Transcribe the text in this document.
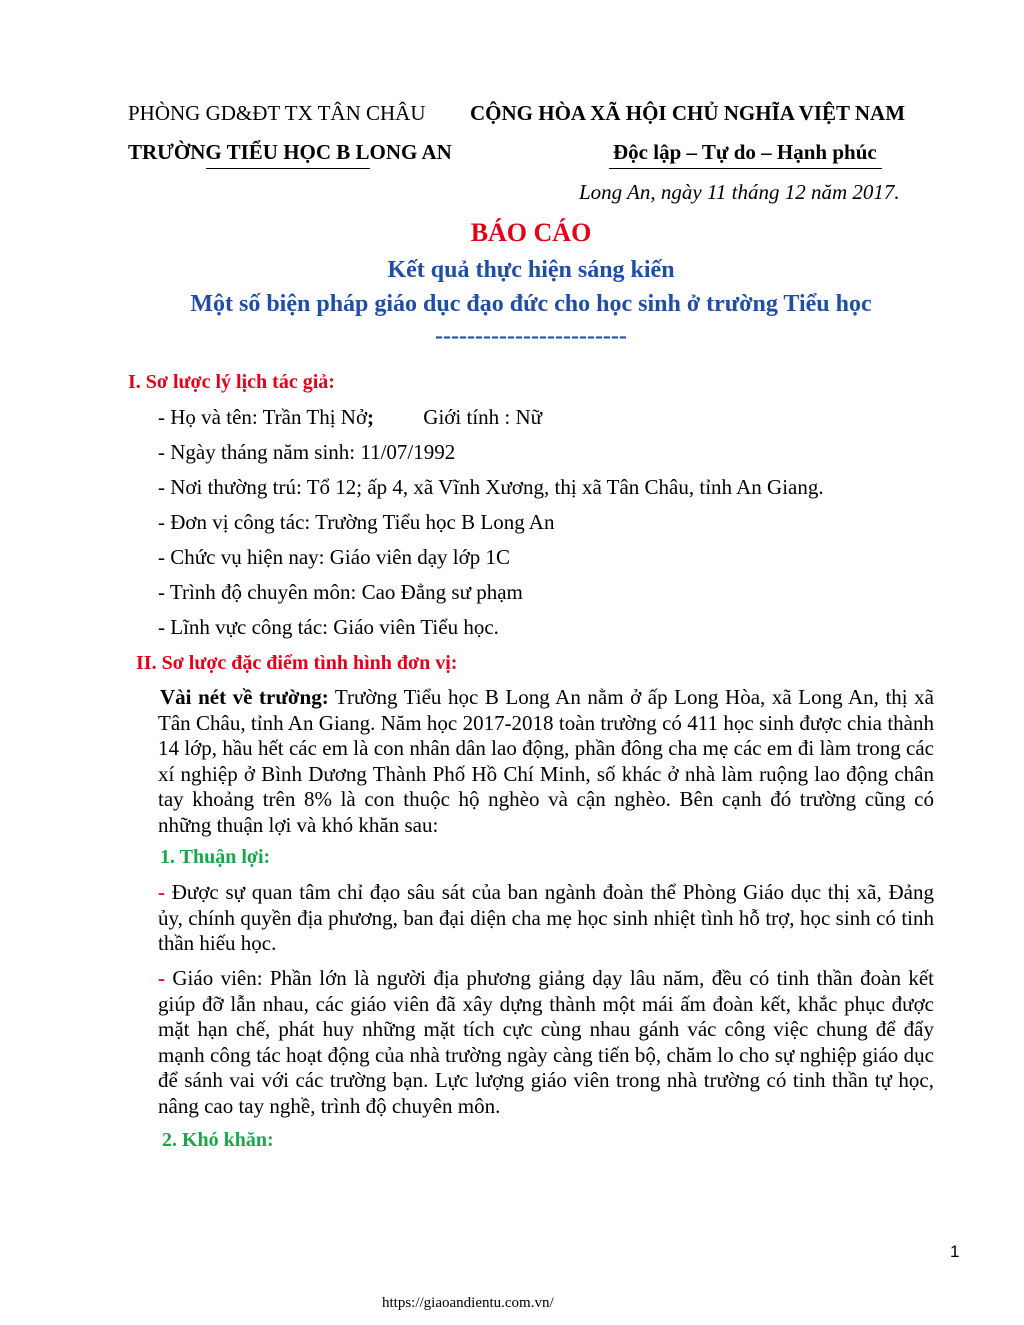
PHÒNG GD&ĐT TX TÂN CHÂU CỘNG HÒA XÃ HỘI CHỦ NGHĨA VIỆT NAM
TRƯỜNG TIỂU HỌC B LONG AN	Độc lập – Tự do – Hạnh phúc
Long An, ngày 11 tháng 12 năm 2017.
BÁO CÁO
Kết quả thực hiện sáng kiến
Một số biện pháp giáo dục đạo đức cho học sinh ở trường Tiểu học
------------------------
I. Sơ lược lý lịch tác giả:
- Họ và tên: Trần Thị Nở; Giới tính : Nữ
- Ngày tháng năm sinh: 11/07/1992
- Nơi thường trú: Tổ 12; ấp 4, xã Vĩnh Xương, thị xã Tân Châu, tỉnh An Giang.
- Đơn vị công tác: Trường Tiểu học B Long An
- Chức vụ hiện nay: Giáo viên dạy lớp 1C
- Trình độ chuyên môn: Cao Đẳng sư phạm
- Lĩnh vực công tác: Giáo viên Tiểu học.
II. Sơ lược đặc điểm tình hình đơn vị:
Vài nét về trường: Trường Tiểu học B Long An nằm ở ấp Long Hòa, xã Long An, thị xã Tân Châu, tỉnh An Giang. Năm học 2017-2018 toàn trường có 411 học sinh được chia thành 14 lớp, hầu hết các em là con nhân dân lao động, phần đông cha mẹ các em đi làm trong các xí nghiệp ở Bình Dương Thành Phố Hồ Chí Minh, số khác ở nhà làm ruộng lao động chân tay khoảng trên 8% là con thuộc hộ nghèo và cận nghèo. Bên cạnh đó trường cũng có những thuận lợi và khó khăn sau:
1. Thuận lợi:
- Được sự quan tâm chỉ đạo sâu sát của ban ngành đoàn thể Phòng Giáo dục thị xã, Đảng ủy, chính quyền địa phương, ban đại diện cha mẹ học sinh nhiệt tình hỗ trợ, học sinh có tinh thần hiếu học.
- Giáo viên: Phần lớn là người địa phương giảng dạy lâu năm, đều có tinh thần đoàn kết giúp đỡ lẫn nhau, các giáo viên đã xây dựng thành một mái ấm đoàn kết, khắc phục được mặt hạn chế, phát huy những mặt tích cực cùng nhau gánh vác công việc chung để đẩy mạnh công tác hoạt động của nhà trường ngày càng tiến bộ, chăm lo cho sự nghiệp giáo dục để sánh vai với các trường bạn. Lực lượng giáo viên trong nhà trường có tinh thần tự học, nâng cao tay nghề, trình độ chuyên môn.
2. Khó khăn:
1
https://giaoandientu.com.vn/
